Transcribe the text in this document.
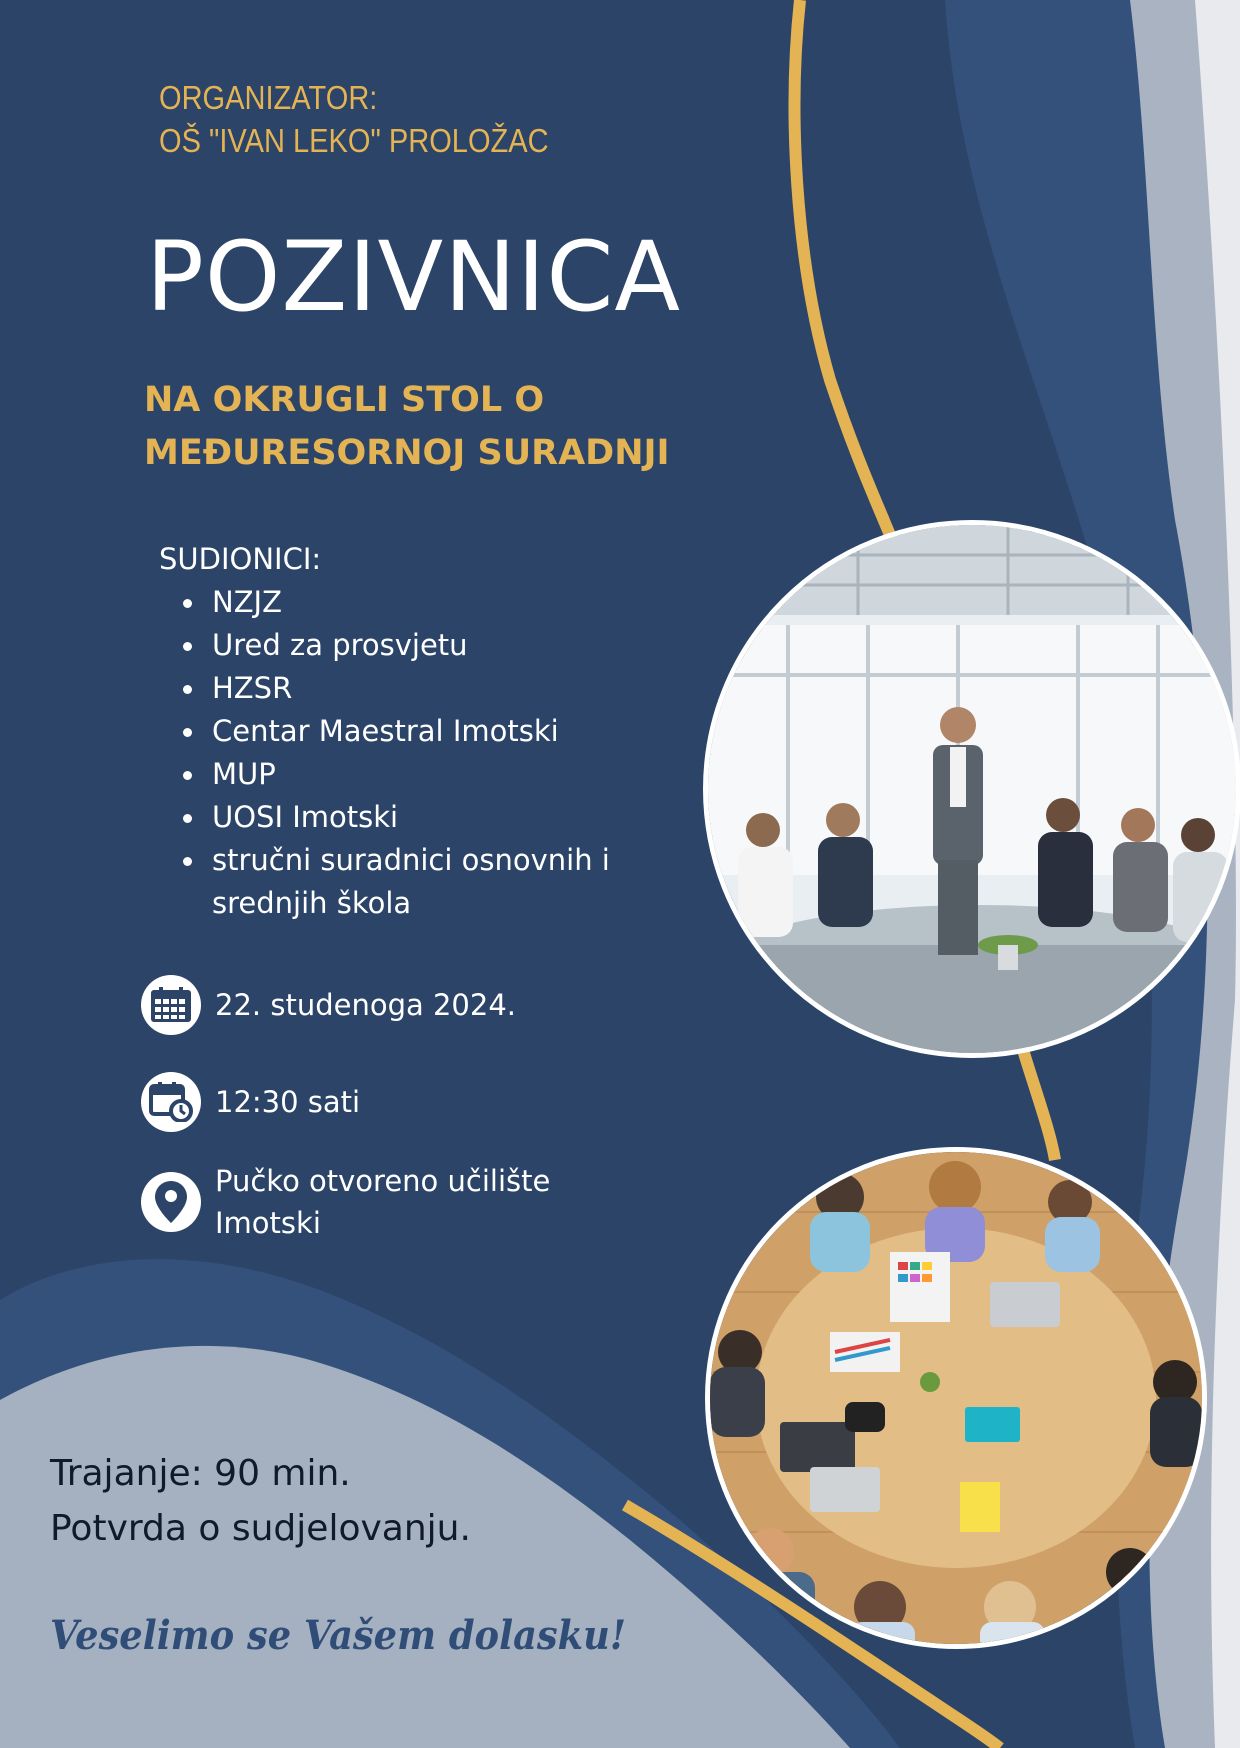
ORGANIZATOR:
OŠ "IVAN LEKO" PROLOŽAC
POZIVNICA
NA OKRUGLI STOL O
MEĐURESORNOJ SURADNJI
SUDIONICI:
NZJZ
Ured za prosvjetu
HZSR
Centar Maestral Imotski
MUP
UOSI Imotski
stručni suradnici osnovnih i
srednjih škola
22. studenoga 2024.
12:30 sati
Pučko otvoreno učilište
Imotski
Trajanje: 90 min.
Potvrda o sudjelovanju.
Veselimo se Vašem dolasku!
